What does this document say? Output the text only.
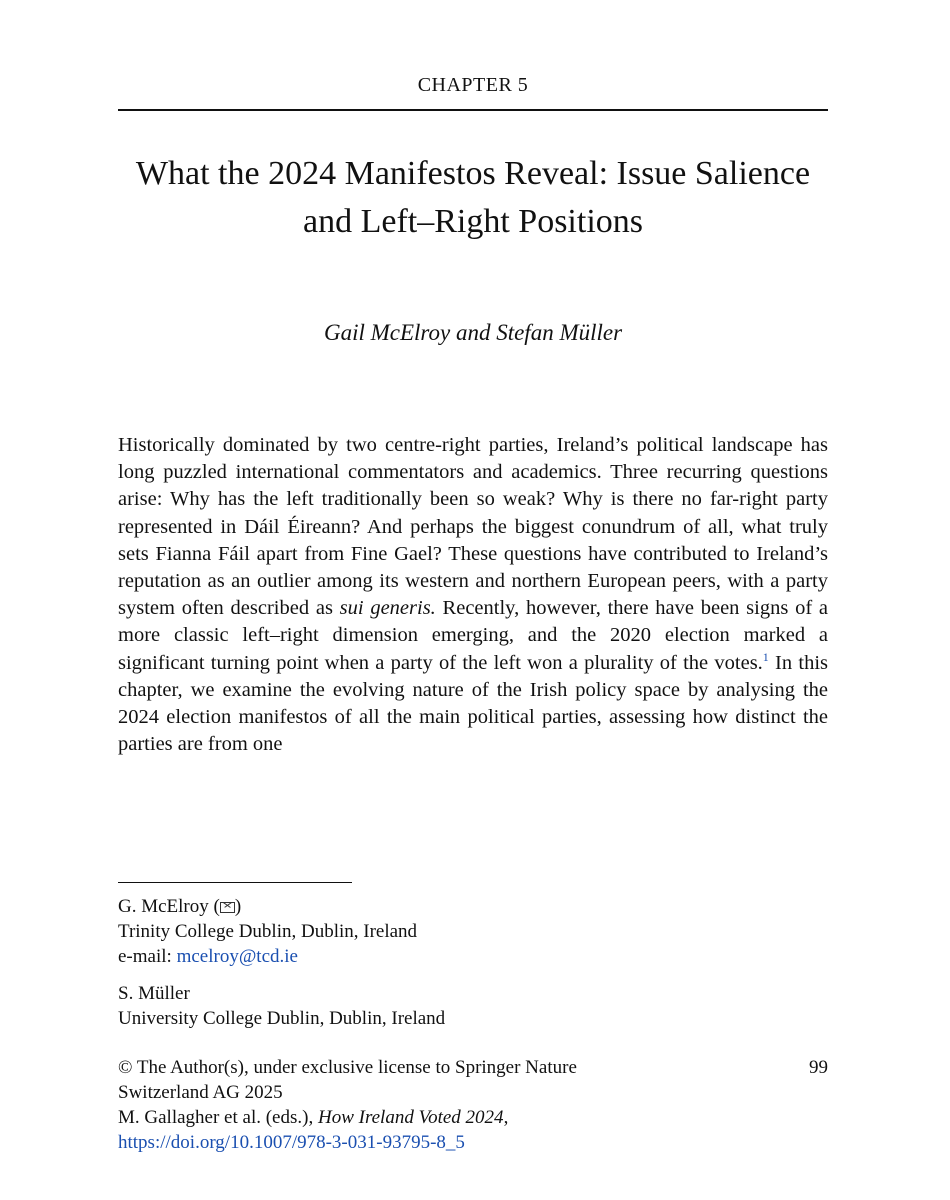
CHAPTER 5
What the 2024 Manifestos Reveal: Issue Salience and Left–Right Positions
Gail McElroy and Stefan Müller

Historically dominated by two centre-right parties, Ireland’s political landscape has long puzzled international commentators and academics. Three recurring questions arise: Why has the left traditionally been so weak? Why is there no far-right party represented in Dáil Éireann? And perhaps the biggest conundrum of all, what truly sets Fianna Fáil apart from Fine Gael? These questions have contributed to Ireland’s reputation as an outlier among its western and northern European peers, with a party system often described as sui generis. Recently, however, there have been signs of a more classic left–right dimension emerging, and the 2020 election marked a significant turning point when a party of the left won a plurality of the votes.$^1$ In this chapter, we examine the evolving nature of the Irish policy space by analysing the 2024 election manifestos of all the main political parties, assessing how distinct the parties are from one

G. McElroy ( )
Trinity College Dublin, Dublin, Ireland
e-mail: mcelroy@tcd.ie
S. Müller
University College Dublin, Dublin, Ireland
© The Author(s), under exclusive license to Springer Nature
Switzerland AG 2025
M. Gallagher et al. (eds.), How Ireland Voted 2024,
https://doi.org/10.1007/978-3-031-93795-8_5
99
